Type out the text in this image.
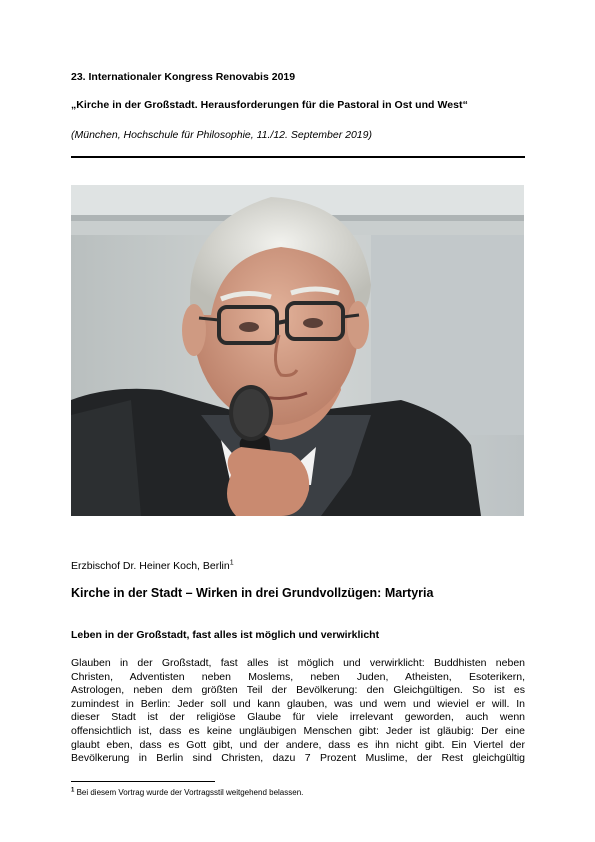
23. Internationaler Kongress Renovabis 2019
„Kirche in der Großstadt. Herausforderungen für die Pastoral in Ost und West“
(München, Hochschule für Philosophie, 11./12. September 2019)
Erzbischof Dr. Heiner Koch, Berlin$^1$
Kirche in der Stadt – Wirken in drei Grundvollzügen: Martyria
Leben in der Großstadt, fast alles ist möglich und verwirklicht
Glauben in der Großstadt, fast alles ist möglich und verwirklicht: Buddhisten neben
Christen, Adventisten neben Moslems, neben Juden, Atheisten, Esoterikern,
Astrologen, neben dem größten Teil der Bevölkerung: den Gleichgültigen. So ist es
zumindest in Berlin: Jeder soll und kann glauben, was und wem und wieviel er will. In
dieser Stadt ist der religiöse Glaube für viele irrelevant geworden, auch wenn
offensichtlich ist, dass es keine ungläubigen Menschen gibt: Jeder ist gläubig: Der eine
glaubt eben, dass es Gott gibt, und der andere, dass es ihn nicht gibt. Ein Viertel der
Bevölkerung in Berlin sind Christen, dazu 7 Prozent Muslime, der Rest gleichgültig
$^1$ Bei diesem Vortrag wurde der Vortragsstil weitgehend belassen.
